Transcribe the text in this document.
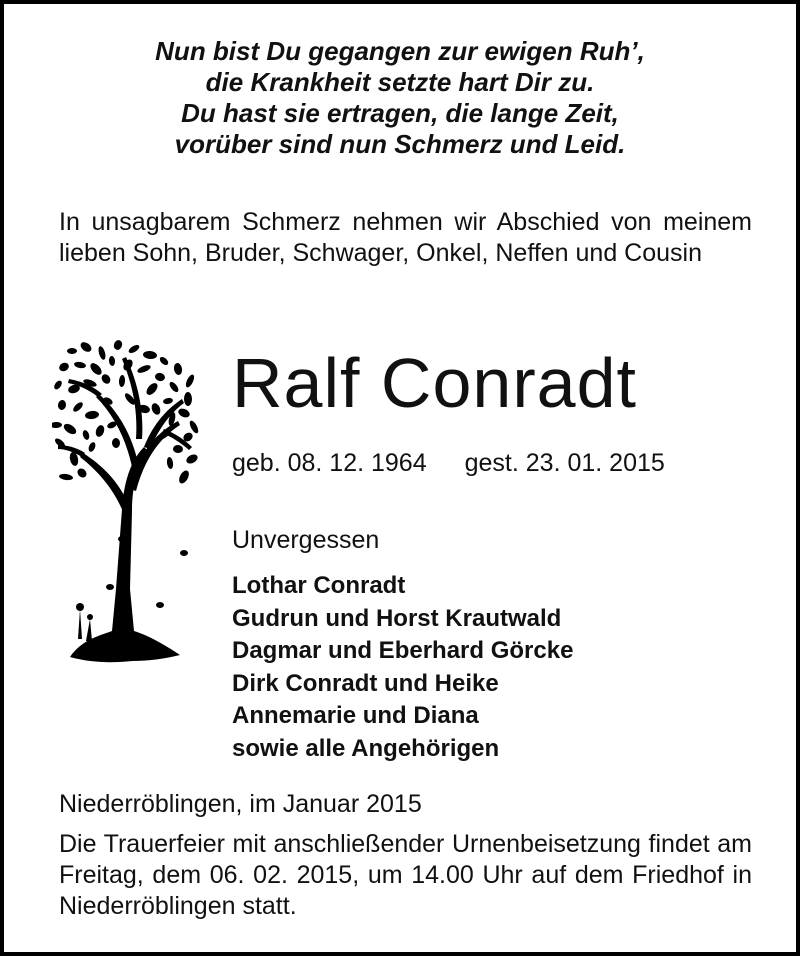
Nun bist Du gegangen zur ewigen Ruh’,
die Krankheit setzte hart Dir zu.
Du hast sie ertragen, die lange Zeit,
vorüber sind nun Schmerz und Leid.
In unsagbarem Schmerz nehmen wir Abschied von meinem lieben Sohn, Bruder, Schwager, Onkel, Neffen und Cousin
Ralf Conradt
geb. 08. 12. 1964 gest. 23. 01. 2015
Unvergessen
Lothar Conradt
Gudrun und Horst Krautwald
Dagmar und Eberhard Görcke
Dirk Conradt und Heike
Annemarie und Diana
sowie alle Angehörigen
Niederröblingen, im Januar 2015
Die Trauerfeier mit anschließender Urnenbeisetzung findet am Freitag, dem 06. 02. 2015, um 14.00 Uhr auf dem Friedhof in Niederröblingen statt.
